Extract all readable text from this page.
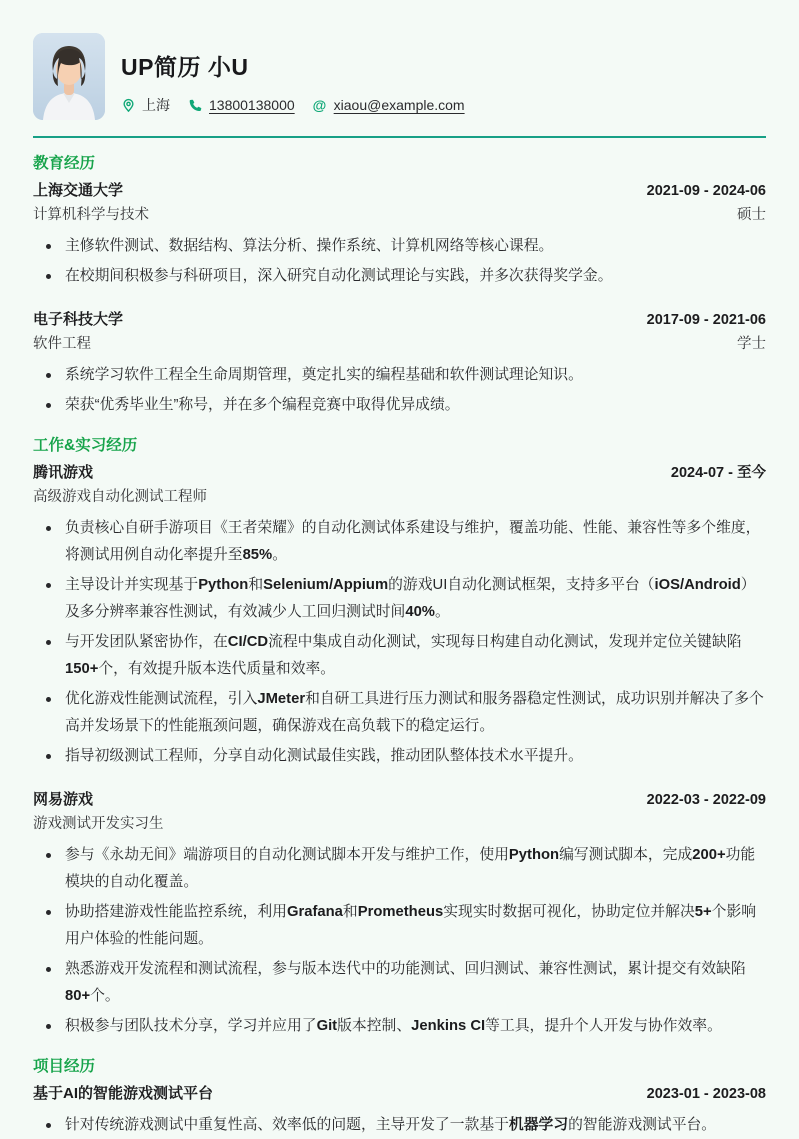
UP简历 小U
上海	13800138000 @ xiaou@example.com
教育经历
上海交通大学	2021-09 - 2024-06
计算机科学与技术	硕士
主修软件测试、数据结构、算法分析、操作系统、计算机网络等核心课程。
在校期间积极参与科研项目，深入研究自动化测试理论与实践，并多次获得奖学金。
电子科技大学	2017-09 - 2021-06
软件工程	学士
系统学习软件工程全生命周期管理，奠定扎实的编程基础和软件测试理论知识。
荣获“优秀毕业生”称号，并在多个编程竞赛中取得优异成绩。
工作&实习经历
腾讯游戏	2024-07 - 至今
高级游戏自动化测试工程师
负责核心自研手游项目《王者荣耀》的自动化测试体系建设与维护，覆盖功能、性能、兼容性等多个维度，将测试用例自动化率提升至85%。
主导设计并实现基于Python和Selenium/Appium的游戏UI自动化测试框架，支持多平台（iOS/Android）及多分辨率兼容性测试，有效减少人工回归测试时间40%。
与开发团队紧密协作，在CI/CD流程中集成自动化测试，实现每日构建自动化测试，发现并定位关键缺陷150+个，有效提升版本迭代质量和效率。
优化游戏性能测试流程，引入JMeter和自研工具进行压力测试和服务器稳定性测试，成功识别并解决了多个高并发场景下的性能瓶颈问题，确保游戏在高负载下的稳定运行。
指导初级测试工程师，分享自动化测试最佳实践，推动团队整体技术水平提升。
网易游戏	2022-03 - 2022-09
游戏测试开发实习生
参与《永劫无间》端游项目的自动化测试脚本开发与维护工作，使用Python编写测试脚本，完成200+功能模块的自动化覆盖。
协助搭建游戏性能监控系统，利用Grafana和Prometheus实现实时数据可视化，协助定位并解决5+个影响用户体验的性能问题。
熟悉游戏开发流程和测试流程，参与版本迭代中的功能测试、回归测试、兼容性测试，累计提交有效缺陷80+个。
积极参与团队技术分享，学习并应用了Git版本控制、Jenkins CI等工具，提升个人开发与协作效率。
项目经历
基于AI的智能游戏测试平台	2023-01 - 2023-08
针对传统游戏测试中重复性高、效率低的问题，主导开发了一款基于机器学习的智能游戏测试平台。
